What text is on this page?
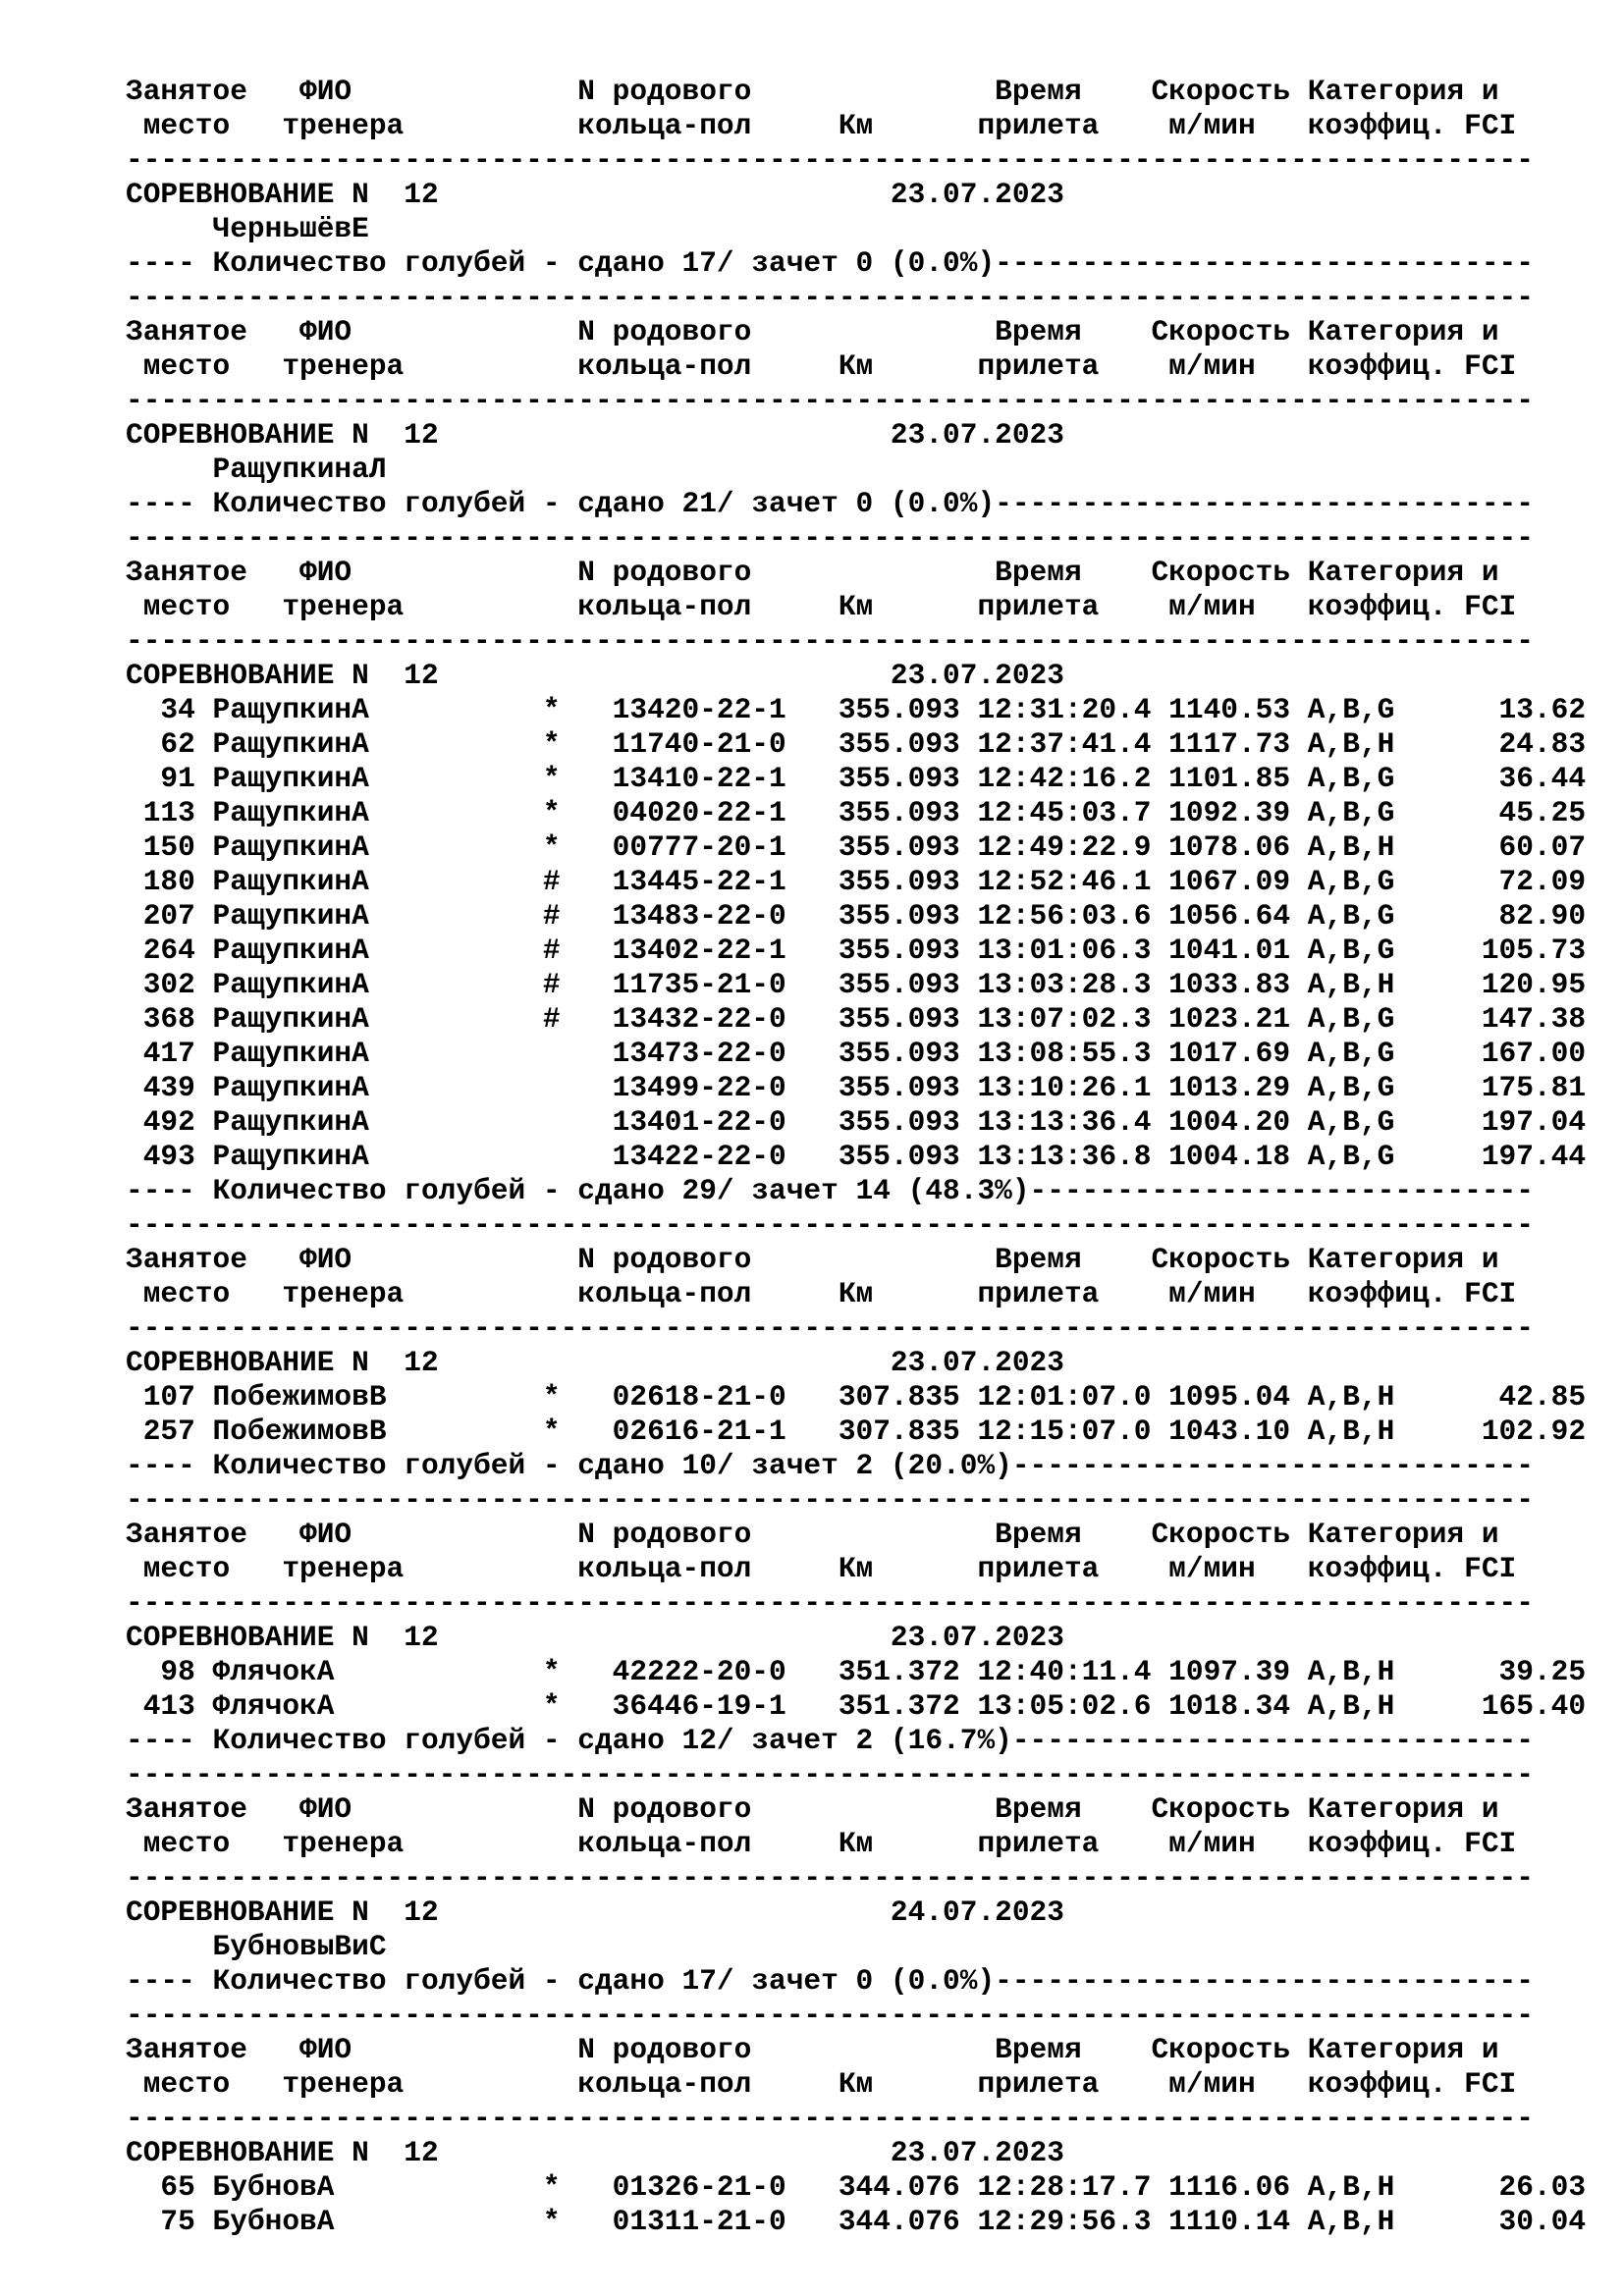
Занятое   ФИО             N родового              Время    Скорость Категория и
место   тренера          кольца-пол     Км      прилета    м/мин   коэффиц. FCI
---------------------------------------------------------------------------------
СОРЕВНОВАНИЕ N  12                          23.07.2023
ЧерньшёвЕ
---- Количество голубей - сдано 17/ зачет 0 (0.0%)-------------------------------
---------------------------------------------------------------------------------
Занятое   ФИО             N родового              Время    Скорость Категория и
место   тренера          кольца-пол     Км      прилета    м/мин   коэффиц. FCI
---------------------------------------------------------------------------------
СОРЕВНОВАНИЕ N  12                          23.07.2023
РащупкинаЛ
---- Количество голубей - сдано 21/ зачет 0 (0.0%)-------------------------------
---------------------------------------------------------------------------------
Занятое   ФИО             N родового              Время    Скорость Категория и
место   тренера          кольца-пол     Км      прилета    м/мин   коэффиц. FCI
---------------------------------------------------------------------------------
СОРЕВНОВАНИЕ N  12                          23.07.2023
34 РащупкинА          *   13420-22-1   355.093 12:31:20.4 1140.53 A,B,G      13.62
62 РащупкинА          *   11740-21-0   355.093 12:37:41.4 1117.73 A,B,H      24.83
91 РащупкинА          *   13410-22-1   355.093 12:42:16.2 1101.85 A,B,G      36.44
113 РащупкинА          *   04020-22-1   355.093 12:45:03.7 1092.39 A,B,G      45.25
150 РащупкинА          *   00777-20-1   355.093 12:49:22.9 1078.06 A,B,H      60.07
180 РащупкинА          #   13445-22-1   355.093 12:52:46.1 1067.09 A,B,G      72.09
207 РащупкинА          #   13483-22-0   355.093 12:56:03.6 1056.64 A,B,G      82.90
264 РащупкинА          #   13402-22-1   355.093 13:01:06.3 1041.01 A,B,G     105.73
302 РащупкинА          #   11735-21-0   355.093 13:03:28.3 1033.83 A,B,H     120.95
368 РащупкинА          #   13432-22-0   355.093 13:07:02.3 1023.21 A,B,G     147.38
417 РащупкинА              13473-22-0   355.093 13:08:55.3 1017.69 A,B,G     167.00
439 РащупкинА              13499-22-0   355.093 13:10:26.1 1013.29 A,B,G     175.81
492 РащупкинА              13401-22-0   355.093 13:13:36.4 1004.20 A,B,G     197.04
493 РащупкинА              13422-22-0   355.093 13:13:36.8 1004.18 A,B,G     197.44
---- Количество голубей - сдано 29/ зачет 14 (48.3%)-----------------------------
---------------------------------------------------------------------------------
Занятое   ФИО             N родового              Время    Скорость Категория и
место   тренера          кольца-пол     Км      прилета    м/мин   коэффиц. FCI
---------------------------------------------------------------------------------
СОРЕВНОВАНИЕ N  12                          23.07.2023
107 ПобежимовВ         *   02618-21-0   307.835 12:01:07.0 1095.04 A,B,H      42.85
257 ПобежимовВ         *   02616-21-1   307.835 12:15:07.0 1043.10 A,B,H     102.92
---- Количество голубей - сдано 10/ зачет 2 (20.0%)------------------------------
---------------------------------------------------------------------------------
Занятое   ФИО             N родового              Время    Скорость Категория и
место   тренера          кольца-пол     Км      прилета    м/мин   коэффиц. FCI
---------------------------------------------------------------------------------
СОРЕВНОВАНИЕ N  12                          23.07.2023
98 ФлячокА            *   42222-20-0   351.372 12:40:11.4 1097.39 A,B,H      39.25
413 ФлячокА            *   36446-19-1   351.372 13:05:02.6 1018.34 A,B,H     165.40
---- Количество голубей - сдано 12/ зачет 2 (16.7%)------------------------------
---------------------------------------------------------------------------------
Занятое   ФИО             N родового              Время    Скорость Категория и
место   тренера          кольца-пол     Км      прилета    м/мин   коэффиц. FCI
---------------------------------------------------------------------------------
СОРЕВНОВАНИЕ N  12                          24.07.2023
БубновыВиС
---- Количество голубей - сдано 17/ зачет 0 (0.0%)-------------------------------
---------------------------------------------------------------------------------
Занятое   ФИО             N родового              Время    Скорость Категория и
место   тренера          кольца-пол     Км      прилета    м/мин   коэффиц. FCI
---------------------------------------------------------------------------------
СОРЕВНОВАНИЕ N  12                          23.07.2023
65 БубновА            *   01326-21-0   344.076 12:28:17.7 1116.06 A,B,H      26.03
75 БубновА            *   01311-21-0   344.076 12:29:56.3 1110.14 A,B,H      30.04
